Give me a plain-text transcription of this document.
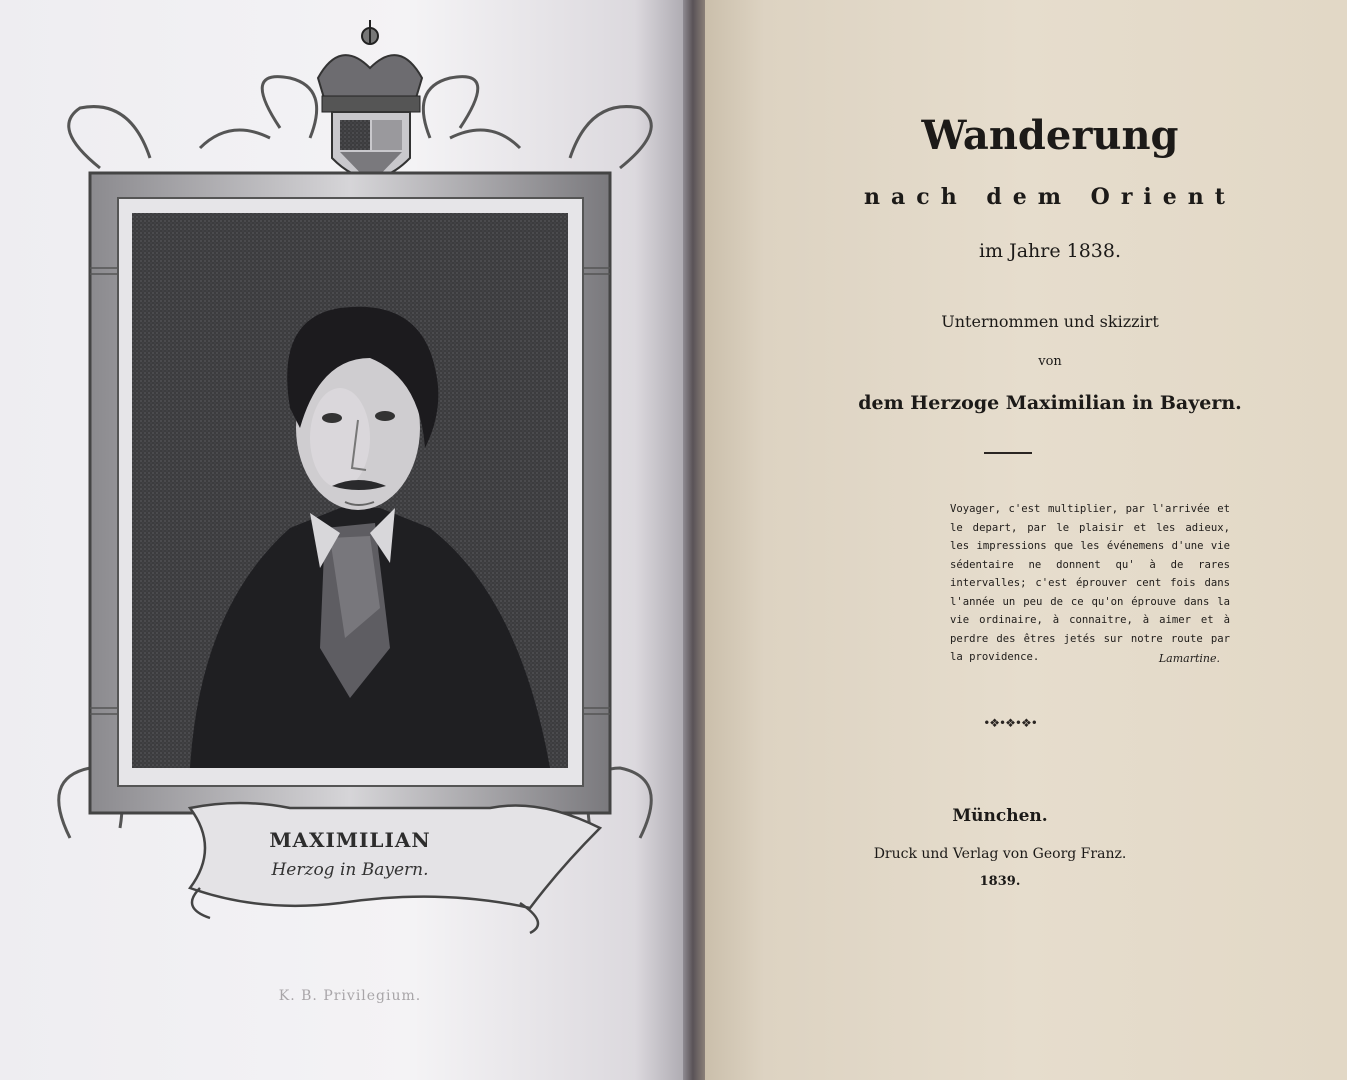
MAXIMILIAN
Herzog in Bayern.
K. B. Privilegium.
Wanderung
nach dem Orient
im Jahre 1838.
Unternommen und skizzirt
von
dem Herzoge Maximilian in Bayern.
Voyager, c'est multiplier, par l'arrivée et le depart, par le plaisir et les adieux, les impressions que les événemens d'une vie sédentaire ne donnent qu' à de rares intervalles; c'est éprouver cent fois dans l'année un peu de ce qu'on éprouve dans la vie ordinaire, à connaitre, à aimer et à perdre des êtres jetés sur notre route par la providence.	Lamartine.
•❖•❖•❖•
München.
Druck und Verlag von Georg Franz.
1839.
